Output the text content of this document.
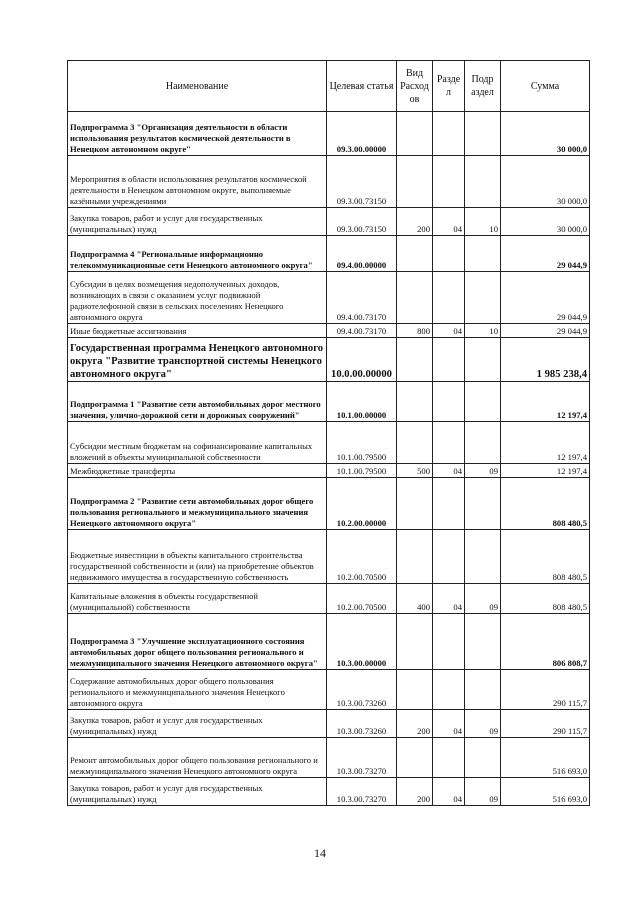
Наименование	Целевая статья	Вид Расход ов	Разде л	Подр аздел	Сумма
Подпрограмма 3 "Организация деятельности в области использования результатов космической деятельности в Ненецком автономном округе"	09.3.00.00000				30 000,0
Мероприятия в области использования результатов космической деятельности в Ненецком автономном округе, выполняемые казёнными учреждениями	09.3.00.73150				30 000,0
Закупка товаров, работ и услуг для государственных (муниципальных) нужд	09.3.00.73150	200	04	10	30 000,0
Подпрограмма 4 "Региональные информационно телекоммуникационные сети Ненецкого автономного округа"	09.4.00.00000				29 044,9
Субсидии в целях возмещения недополученных доходов, возникающих в связи с оказанием услуг подвижной радиотелефонной связи в сельских поселениях Ненецкого автономного округа	09.4.00.73170				29 044,9
Иные бюджетные ассигнования	09.4.00.73170	800	04	10	29 044,9
Государственная программа Ненецкого автономного округа "Развитие транспортной системы Ненецкого автономного округа"	10.0.00.00000				1 985 238,4
Подпрограмма 1 "Развитие сети автомобильных дорог местного значения, улично-дорожной сети и дорожных сооружений"	10.1.00.00000				12 197,4
Субсидии местным бюджетам на софинансирование капитальных вложений в объекты муниципальной собственности	10.1.00.79500				12 197,4
Межбюджетные трансферты	10.1.00.79500	500	04	09	12 197,4
Подпрограмма 2 "Развитие сети автомобильных дорог общего пользования регионального и межмуниципального значения Ненецкого автономного округа"	10.2.00.00000				808 480,5
Бюджетные инвестиции в объекты капитального строительства государственной собственности и (или) на приобретение объектов недвижимого имущества в государственную собственность	10.2.00.70500				808 480,5
Капитальные вложения в объекты государственной (муниципальной) собственности	10.2.00.70500	400	04	09	808 480,5
Подпрограмма 3 "Улучшение эксплуатационного состояния автомобильных дорог общего пользования регионального и межмуниципального значения Ненецкого автономного округа"	10.3.00.00000				806 808,7
Содержание автомобильных дорог общего пользования регионального и межмуниципального значения Ненецкого автономного округа	10.3.00.73260				290 115,7
Закупка товаров, работ и услуг для государственных (муниципальных) нужд	10.3.00.73260	200	04	09	290 115,7
Ремонт автомобильных дорог общего пользования регионального и межмуниципального значения Ненецкого автономного округа	10.3.00.73270				516 693,0
Закупка товаров, работ и услуг для государственных (муниципальных) нужд	10.3.00.73270	200	04	09	516 693,0
14
